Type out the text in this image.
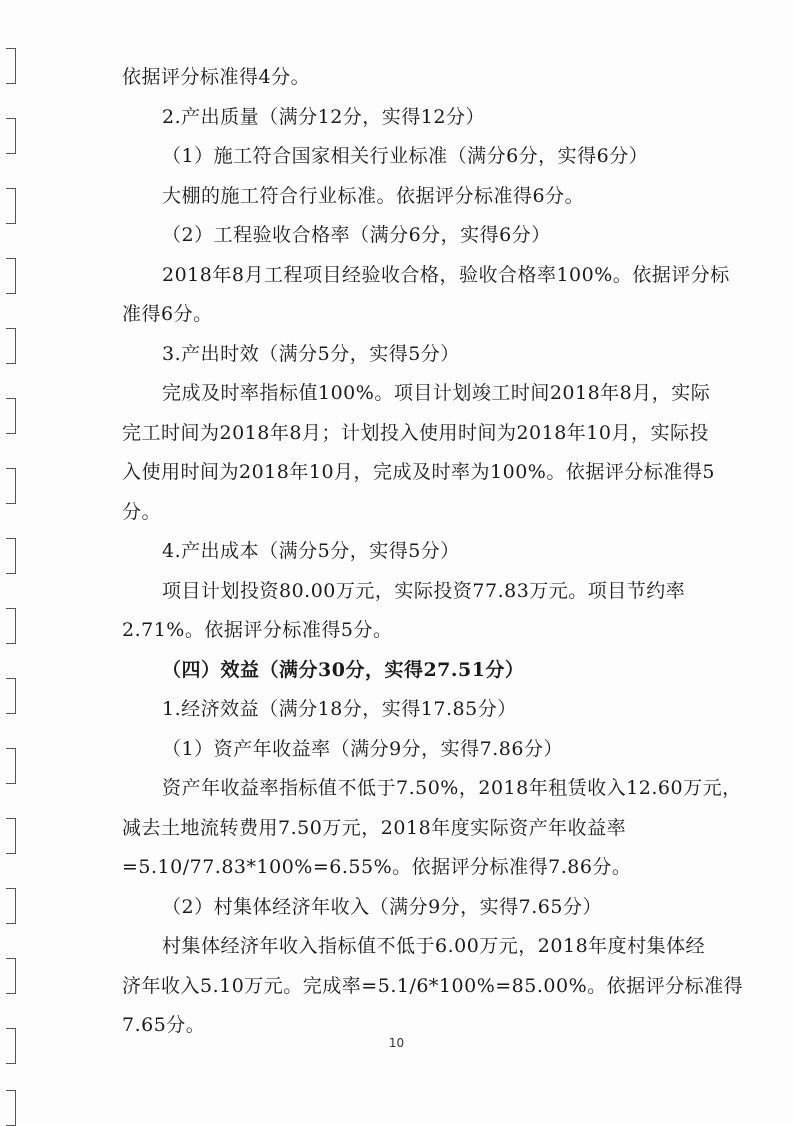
依据评分标准得4分。
2.产出质量（满分12分，实得12分）
（1）施工符合国家相关行业标准（满分6分，实得6分）
大棚的施工符合行业标准。依据评分标准得6分。
（2）工程验收合格率（满分6分，实得6分）
2018年8月工程项目经验收合格，验收合格率100%。依据评分标
准得6分。
3.产出时效（满分5分，实得5分）
完成及时率指标值100%。项目计划竣工时间2018年8月，实际
完工时间为2018年8月；计划投入使用时间为2018年10月，实际投
入使用时间为2018年10月，完成及时率为100%。依据评分标准得5
分。
4.产出成本（满分5分，实得5分）
项目计划投资80.00万元，实际投资77.83万元。项目节约率
2.71%。依据评分标准得5分。
（四）效益（满分30分，实得27.51分）
1.经济效益（满分18分，实得17.85分）
（1）资产年收益率（满分9分，实得7.86分）
资产年收益率指标值不低于7.50%，2018年租赁收入12.60万元，
减去土地流转费用7.50万元，2018年度实际资产年收益率
=5.10/77.83*100%=6.55%。依据评分标准得7.86分。
（2）村集体经济年收入（满分9分，实得7.65分）
村集体经济年收入指标值不低于6.00万元，2018年度村集体经
济年收入5.10万元。完成率=5.1/6*100%=85.00%。依据评分标准得
7.65分。
10
